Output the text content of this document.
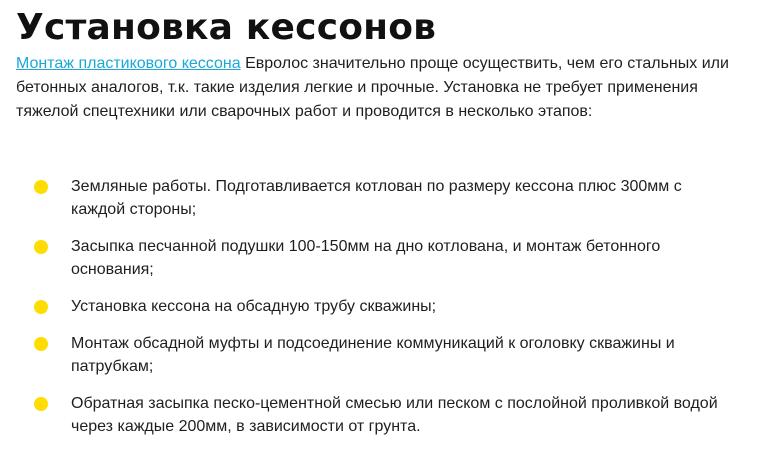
Установка кессонов

Монтаж пластикового кессона Евролос значительно проще осуществить, чем его стальных или бетонных аналогов, т.к. такие изделия легкие и прочные. Установка не требует применения тяжелой спецтехники или сварочных работ и проводится в несколько этапов:

Земляные работы. Подготавливается котлован по размеру кессона плюс 300мм с каждой стороны;
Засыпка песчанной подушки 100-150мм на дно котлована, и монтаж бетонного основания;
Установка кессона на обсадную трубу скважины;
Монтаж обсадной муфты и подсоединение коммуникаций к оголовку скважины и патрубкам;
Обратная засыпка песко-цементной смесью или песком с послойной проливкой водой через каждые 200мм, в зависимости от грунта.
